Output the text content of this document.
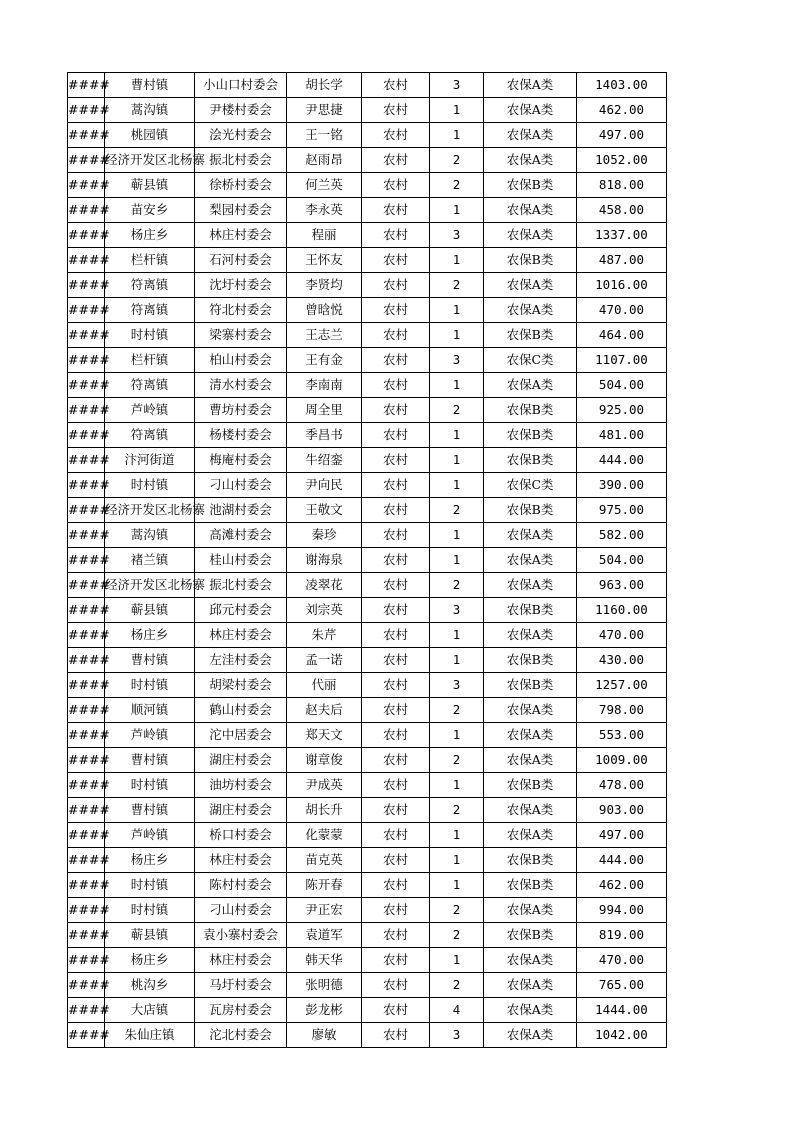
####	曹村镇	小山口村委会	胡长学	农村	3	农保A类	1403.00
####	蒿沟镇	尹楼村委会	尹思捷	农村	1	农保A类	462.00
####	桃园镇	浍光村委会	王一铭	农村	1	农保A类	497.00
####	经济开发区北杨寨	振北村委会	赵雨昂	农村	2	农保A类	1052.00
####	蕲县镇	徐桥村委会	何兰英	农村	2	农保B类	818.00
####	苗安乡	梨园村委会	李永英	农村	1	农保A类	458.00
####	杨庄乡	林庄村委会	程丽	农村	3	农保A类	1337.00
####	栏杆镇	石河村委会	王怀友	农村	1	农保B类	487.00
####	符离镇	沈圩村委会	李贤均	农村	2	农保A类	1016.00
####	符离镇	符北村委会	曾晗悦	农村	1	农保A类	470.00
####	时村镇	梁寨村委会	王志兰	农村	1	农保B类	464.00
####	栏杆镇	柏山村委会	王有金	农村	3	农保C类	1107.00
####	符离镇	清水村委会	李南南	农村	1	农保A类	504.00
####	芦岭镇	曹坊村委会	周全里	农村	2	农保B类	925.00
####	符离镇	杨楼村委会	季昌书	农村	1	农保B类	481.00
####	汴河街道	梅庵村委会	牛绍銮	农村	1	农保B类	444.00
####	时村镇	刁山村委会	尹向民	农村	1	农保C类	390.00
####	经济开发区北杨寨	池湖村委会	王敬文	农村	2	农保B类	975.00
####	蒿沟镇	高滩村委会	秦珍	农村	1	农保A类	582.00
####	褚兰镇	桂山村委会	谢海泉	农村	1	农保A类	504.00
####	经济开发区北杨寨	振北村委会	凌翠花	农村	2	农保A类	963.00
####	蕲县镇	邱元村委会	刘宗英	农村	3	农保B类	1160.00
####	杨庄乡	林庄村委会	朱芹	农村	1	农保A类	470.00
####	曹村镇	左洼村委会	孟一诺	农村	1	农保B类	430.00
####	时村镇	胡梁村委会	代丽	农村	3	农保B类	1257.00
####	顺河镇	鹤山村委会	赵夫后	农村	2	农保A类	798.00
####	芦岭镇	沱中居委会	郑天文	农村	1	农保A类	553.00
####	曹村镇	湖庄村委会	谢章俊	农村	2	农保A类	1009.00
####	时村镇	油坊村委会	尹成英	农村	1	农保B类	478.00
####	曹村镇	湖庄村委会	胡长升	农村	2	农保A类	903.00
####	芦岭镇	桥口村委会	化蒙蒙	农村	1	农保A类	497.00
####	杨庄乡	林庄村委会	苗克英	农村	1	农保B类	444.00
####	时村镇	陈村村委会	陈开春	农村	1	农保B类	462.00
####	时村镇	刁山村委会	尹正宏	农村	2	农保A类	994.00
####	蕲县镇	袁小寨村委会	袁道军	农村	2	农保B类	819.00
####	杨庄乡	林庄村委会	韩天华	农村	1	农保A类	470.00
####	桃沟乡	马圩村委会	张明德	农村	2	农保A类	765.00
####	大店镇	瓦房村委会	彭龙彬	农村	4	农保A类	1444.00
####	朱仙庄镇	沱北村委会	廖敏	农村	3	农保A类	1042.00
